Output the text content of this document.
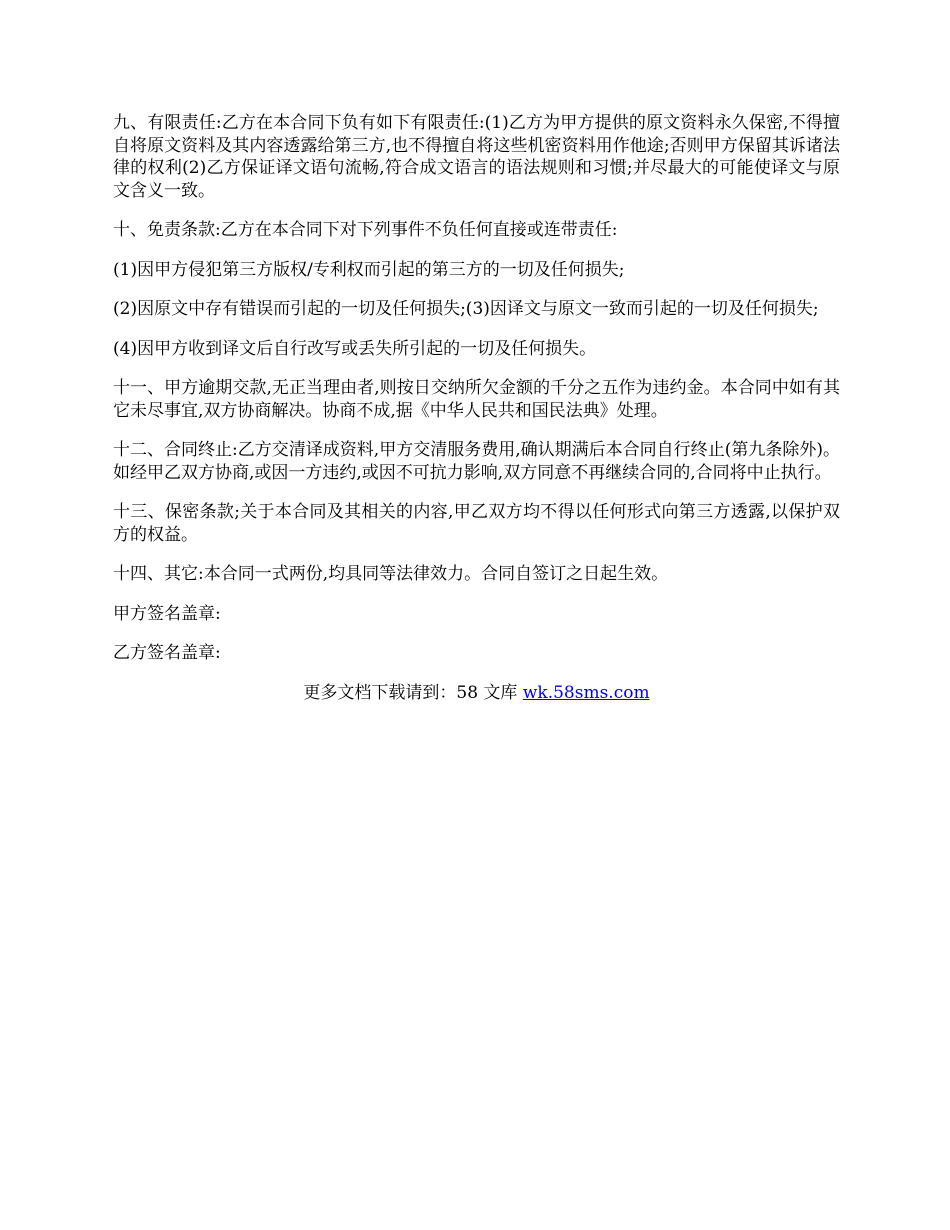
九、有限责任:乙方在本合同下负有如下有限责任:(1)乙方为甲方提供的原文资料永久保密,不得擅自将原文资料及其内容透露给第三方,也不得擅自将这些机密资料用作他途;否则甲方保留其诉诸法律的权利(2)乙方保证译文语句流畅,符合成文语言的语法规则和习惯;并尽最大的可能使译文与原文含义一致。

十、免责条款:乙方在本合同下对下列事件不负任何直接或连带责任:

(1)因甲方侵犯第三方版权/专利权而引起的第三方的一切及任何损失;

(2)因原文中存有错误而引起的一切及任何损失;(3)因译文与原文一致而引起的一切及任何损失;

(4)因甲方收到译文后自行改写或丢失所引起的一切及任何损失。

十一、甲方逾期交款,无正当理由者,则按日交纳所欠金额的千分之五作为违约金。本合同中如有其它未尽事宜,双方协商解决。协商不成,据《中华人民共和国民法典》处理。

十二、合同终止:乙方交清译成资料,甲方交清服务费用,确认期满后本合同自行终止(第九条除外)。如经甲乙双方协商,或因一方违约,或因不可抗力影响,双方同意不再继续合同的,合同将中止执行。

十三、保密条款;关于本合同及其相关的内容,甲乙双方均不得以任何形式向第三方透露,以保护双方的权益。

十四、其它:本合同一式两份,均具同等法律效力。合同自签订之日起生效。

甲方签名盖章:

乙方签名盖章:

更多文档下载请到：58 文库 wk.58sms.com
